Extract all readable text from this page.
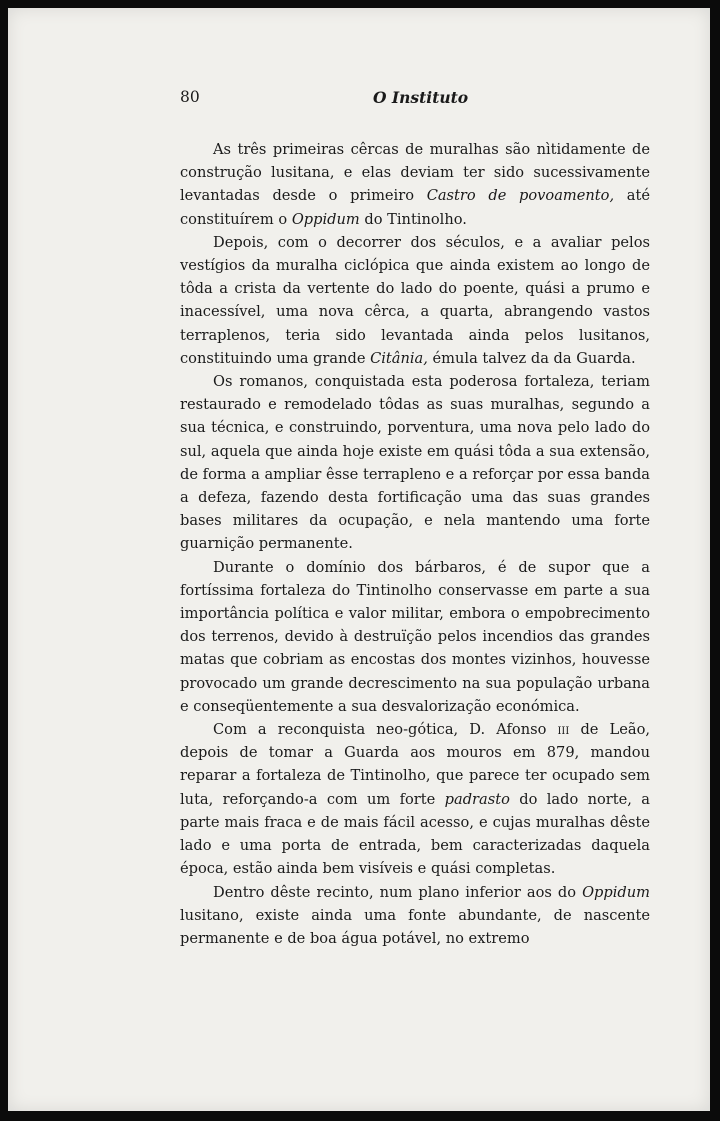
80	O Instituto

As três primeiras cêrcas de muralhas são nìtidamente de construção lusitana, e elas deviam ter sido sucessivamente levantadas desde o primeiro Castro de povoamento, até constituírem o Oppidum do Tintinolho.

Depois, com o decorrer dos séculos, e a avaliar pelos vestígios da muralha ciclópica que ainda existem ao longo de tôda a crista da vertente do lado do poente, quási a prumo e inacessível, uma nova cêrca, a quarta, abrangendo vastos terraplenos, teria sido levantada ainda pelos lusitanos, constituindo uma grande Citânia, émula talvez da da Guarda.

Os romanos, conquistada esta poderosa fortaleza, teriam restaurado e remodelado tôdas as suas muralhas, segundo a sua técnica, e construindo, porventura, uma nova pelo lado do sul, aquela que ainda hoje existe em quási tôda a sua extensão, de forma a ampliar êsse terrapleno e a reforçar por essa banda a defeza, fazendo desta fortificação uma das suas grandes bases militares da ocupação, e nela mantendo uma forte guarnição permanente.

Durante o domínio dos bárbaros, é de supor que a fortíssima fortaleza do Tintinolho conservasse em parte a sua importância política e valor militar, embora o empobrecimento dos terrenos, devido à destruïção pelos incendios das grandes matas que cobriam as encostas dos montes vizinhos, houvesse provocado um grande decrescimento na sua população urbana e conseqüentemente a sua desvalorização económica.

Com a reconquista neo-gótica, D. Afonso iii de Leão, depois de tomar a Guarda aos mouros em 879, mandou reparar a fortaleza de Tintinolho, que parece ter ocupado sem luta, reforçando-a com um forte padrasto do lado norte, a parte mais fraca e de mais fácil acesso, e cujas muralhas dêste lado e uma porta de entrada, bem caracterizadas daquela época, estão ainda bem visíveis e quási completas.

Dentro dêste recinto, num plano inferior aos do Oppidum lusitano, existe ainda uma fonte abundante, de nascente permanente e de boa água potável, no extremo
